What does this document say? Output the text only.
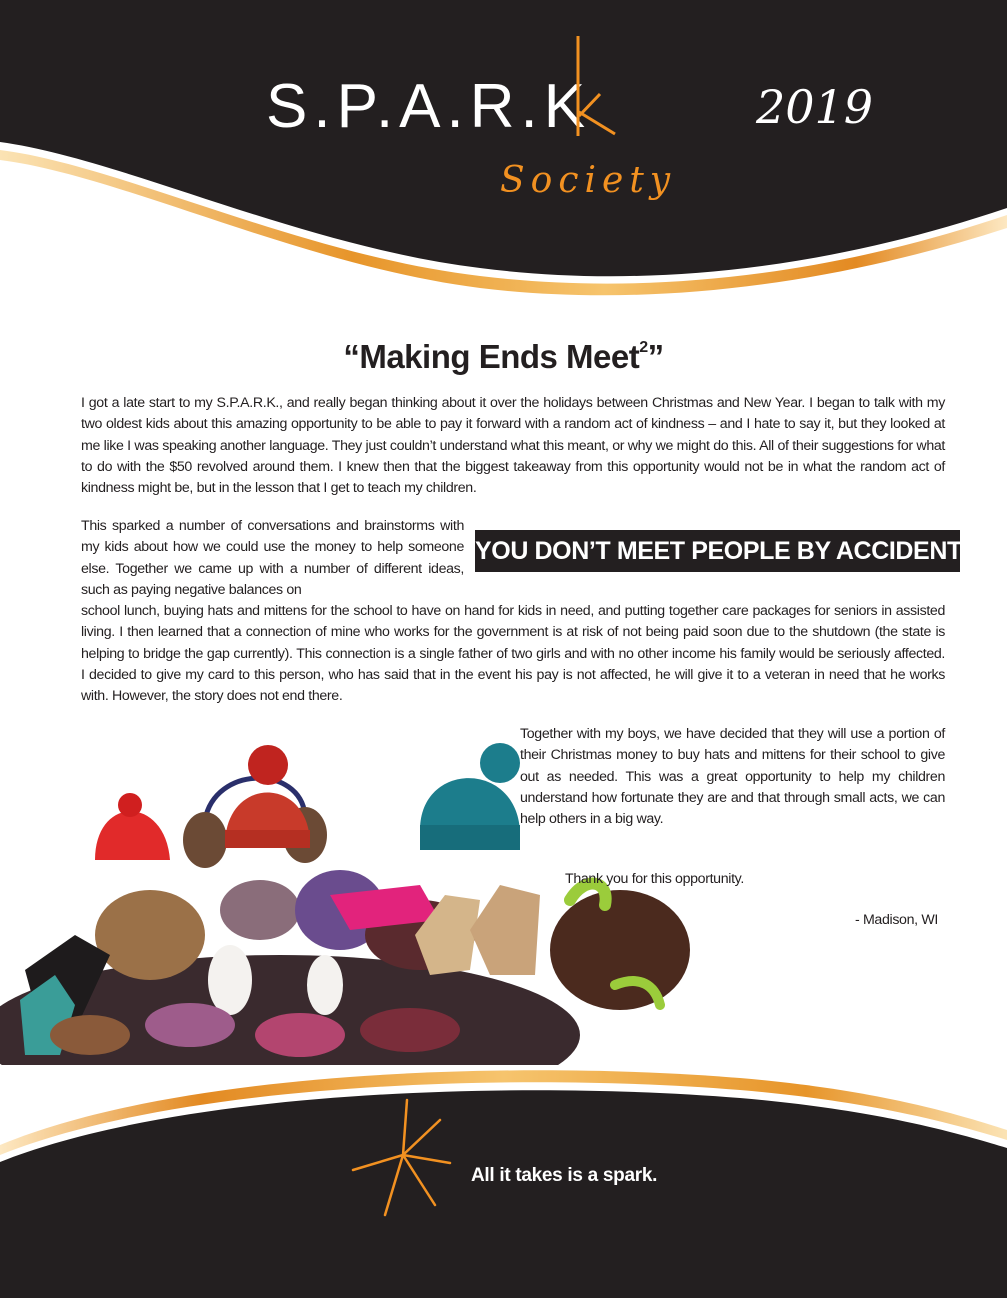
S.P.A.R.K
Society
2019
“Making Ends Meet$^2$”

I got a late start to my S.P.A.R.K., and really began thinking about it over the holidays between Christmas and New Year. I began to talk with my two oldest kids about this amazing opportunity to be able to pay it forward with a random act of kindness – and I hate to say it, but they looked at me like I was speaking another language. They just couldn’t understand what this meant, or why we might do this. All of their suggestions for what to do with the $50 revolved around them. I knew then that the biggest takeaway from this opportunity would not be in what the random act of kindness might be, but in the lesson that I get to teach my children.

This sparked a number of conversations and brainstorms with my kids about how we could use the money to help someone else. Together we came up with a number of different ideas, such as paying negative balances on

YOU DON’T MEET PEOPLE BY ACCIDENT.

school lunch, buying hats and mittens for the school to have on hand for kids in need, and putting together care packages for seniors in assisted living. I then learned that a connection of mine who works for the government is at risk of not being paid soon due to the shutdown (the state is helping to bridge the gap currently). This connection is a single father of two girls and with no other income his family would be seriously affected. I decided to give my card to this person, who has said that in the event his pay is not affected, he will give it to a veteran in need that he works with. However, the story does not end there.

Together with my boys, we have decided that they will use a portion of their Christmas money to buy hats and mittens for their school to give out as needed. This was a great opportunity to help my children understand how fortunate they are and that through small acts, we can help others in a big way.

Thank you for this opportunity.
- Madison, WI
All it takes is a spark.
